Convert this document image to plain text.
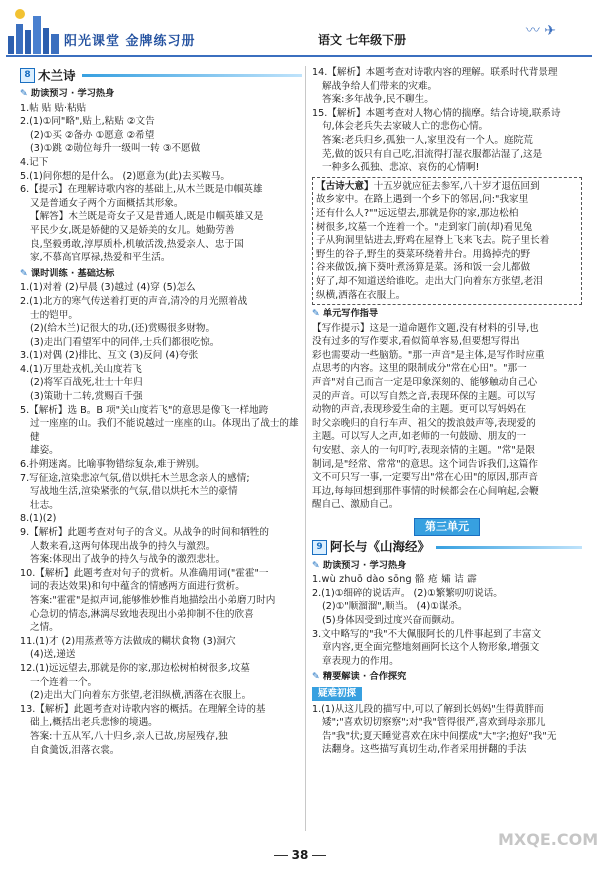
阳光课堂 金牌练习册	语文 七年级下册
〰 ✈
8 木兰诗
✎ 助读预习 · 学习热身

1.帖 贴 贴·粘贴

2.(1)①同"略",贴上,粘贴 ②文告

(2)①买 ②备办 ①愿意 ②希望

(3)①跳 ②勋位每升一级叫一转 ③不愿做

4.记下

5.(1)问你想的是什么。 (2)愿意为(此)去买鞍马。

6.【提示】在理解诗歌内容的基础上,从木兰既是巾帼英雄

又是普通女子两个方面概括其形象。

【解答】木兰既是奇女子又是普通人,既是巾帼英雄又是

平民少女,既是娇健的又是娇美的女儿。她勤劳善

良,坚毅勇敢,淳厚质朴,机敏活泼,热爱亲人、忠于国

家,不慕高官厚禄,热爱和平生活。

✎ 课时训练 · 基础达标

1.(1)对着 (2)早晨 (3)越过 (4)穿 (5)怎么

2.(1)北方的寒气传送着打更的声音,清冷的月光照着战

士的铠甲。

(2)(给木兰)记很大的功,(还)赏赐很多财物。

(3)走出门看望军中的同伴,士兵们都很吃惊。

3.(1)对偶 (2)排比、互文 (3)反问 (4)夸张

4.(1)万里赴戎机,关山度若飞

(2)将军百战死,壮士十年归

(3)策勋十二转,赏赐百千强

5.【解析】选 B。B 项"关山度若飞"的意思是像飞一样地跨

过一座座的山。我们不能说越过一座座的山。体现出了战士的雄健

雄姿。

6.扑朔迷离。比喻事物错综复杂,难于辨别。

7.写征途,渲染悲凉气氛,借以烘托木兰思念亲人的感情;

写战地生活,渲染紧张的气氛,借以烘托木兰的豪情

壮志。

8.(1)(2)

9.【解析】此题考查对句子的含义。从战争的时间和牺牲的

人数来看,这两句体现出战争的持久与激烈。

答案:体现出了战争的持久与战争的激烈悲壮。

10.【解析】此题考查对句子的赏析。从准确用词("霍霍"一

词的表达效果)和句中蕴含的情感两方面进行赏析。

答案:"霍霍"是拟声词,能够惟妙惟肖地描绘出小弟磨刀时内

心急切的情态,淋漓尽致地表现出小弟抑制不住的欣喜

之情。

11.(1)才 (2)用蒸煮等方法做成的糊状食物 (3)洞穴

(4)送,递送

12.(1)远远望去,那就是你的家,那边松树柏树很多,坟墓

一个连着一个。

(2)走出大门向着东方张望,老泪纵横,洒落在衣服上。

13.【解析】此题考查对诗歌内容的概括。在理解全诗的基

础上,概括出老兵悲惨的境遇。

答案:十五从军,八十归乡,亲人已故,房屋残存,独

自食羹饭,泪落衣裳。

14.【解析】本题考查对诗歌内容的理解。联系时代背景理

解战争给人们带来的灾难。

答案:多年战争,民不聊生。

15.【解析】本题考查对人物心情的揣摩。结合诗境,联系诗

句,体会老兵失去家破人亡的悲伤心情。

答案:老兵归乡,孤独一人,家里没有一个人。庭院荒

芜,做的饭只有自己吃,泪流得打湿衣服都沾湿了,这是

一种多么孤独、悲凉、哀伤的心情啊!

【古诗大意】十五岁就应征去参军,八十岁才退伍回到

故乡家中。在路上遇到一个乡下的邻居,问:"我家里

还有什么人?""远远望去,那就是你的家,那边松柏

树很多,坟墓一个连着一个。"走到家门前(却)看见兔

子从狗洞里钻进去,野鸡在屋脊上飞来飞去。院子里长着

野生的谷子,野生的葵菜环绕着井台。用捣掉壳的野

谷来做饭,摘下葵叶煮汤算是菜。汤和饭一会儿都做

好了,却不知道送给谁吃。走出大门向着东方张望,老泪

纵横,洒落在衣服上。

✎ 单元写作指导

【写作提示】这是一道命题作文题,没有材料的引导,也

没有过多的写作要求,看似简单容易,但要想写得出

彩也需要动一些脑筋。"那一声音"是主体,是写作时应重

点思考的内容。这里的限制成分"常在心田"。"那一

声音"对自己而言一定是印象深刻的、能够触动自己心

灵的声音。可以写自然之音,表现环保的主题。可以写

动物的声音,表现珍爱生命的主题。更可以写妈妈在

时父亲晚归的自行车声、祖父的拨浪鼓声等,表现爱的

主题。可以写人之声,如老师的一句鼓励、朋友的一

句安慰、亲人的一句叮咛,表现亲情的主题。"常"是限

制词,是"经常、常常"的意思。这个词告诉我们,这篇作

文不可只写一事,一定要写出"常在心田"的原因,那声音

耳边,每每回想到那件事情的时候都会在心间响起,会鞭

醒自己、激励自己。

第三单元
9 阿长与《山海经》
✎ 助读预习 · 学习热身

1.wù zhuō dào sōng 骼 疮 孀 诘 霹

2.(1)①细碎的说话声。 (2)①繁繁叨叨说话。

(2)①"顺溜溜",顺当。 (4)①谋杀。

(5)身体因受到过度兴奋而颤动。

3.文中略写的"我"不大佩服阿长的几件事起到了丰富文

章内容,更全面完整地刻画阿长这个人物形象,增强文

章表现力的作用。

✎ 精要解读 · 合作探究
疑难初探

1.(1)从这儿段的描写中,可以了解到长妈妈"生得黄胖而

矮";"喜欢切切察察";对"我"管得很严,喜欢到母亲那儿

告"我"状;夏天睡觉喜欢在床中间摆成"大"字;抱好"我"无

法翻身。这些描写真切生动,作者采用拼翻的手法

38
MXQE.COM
